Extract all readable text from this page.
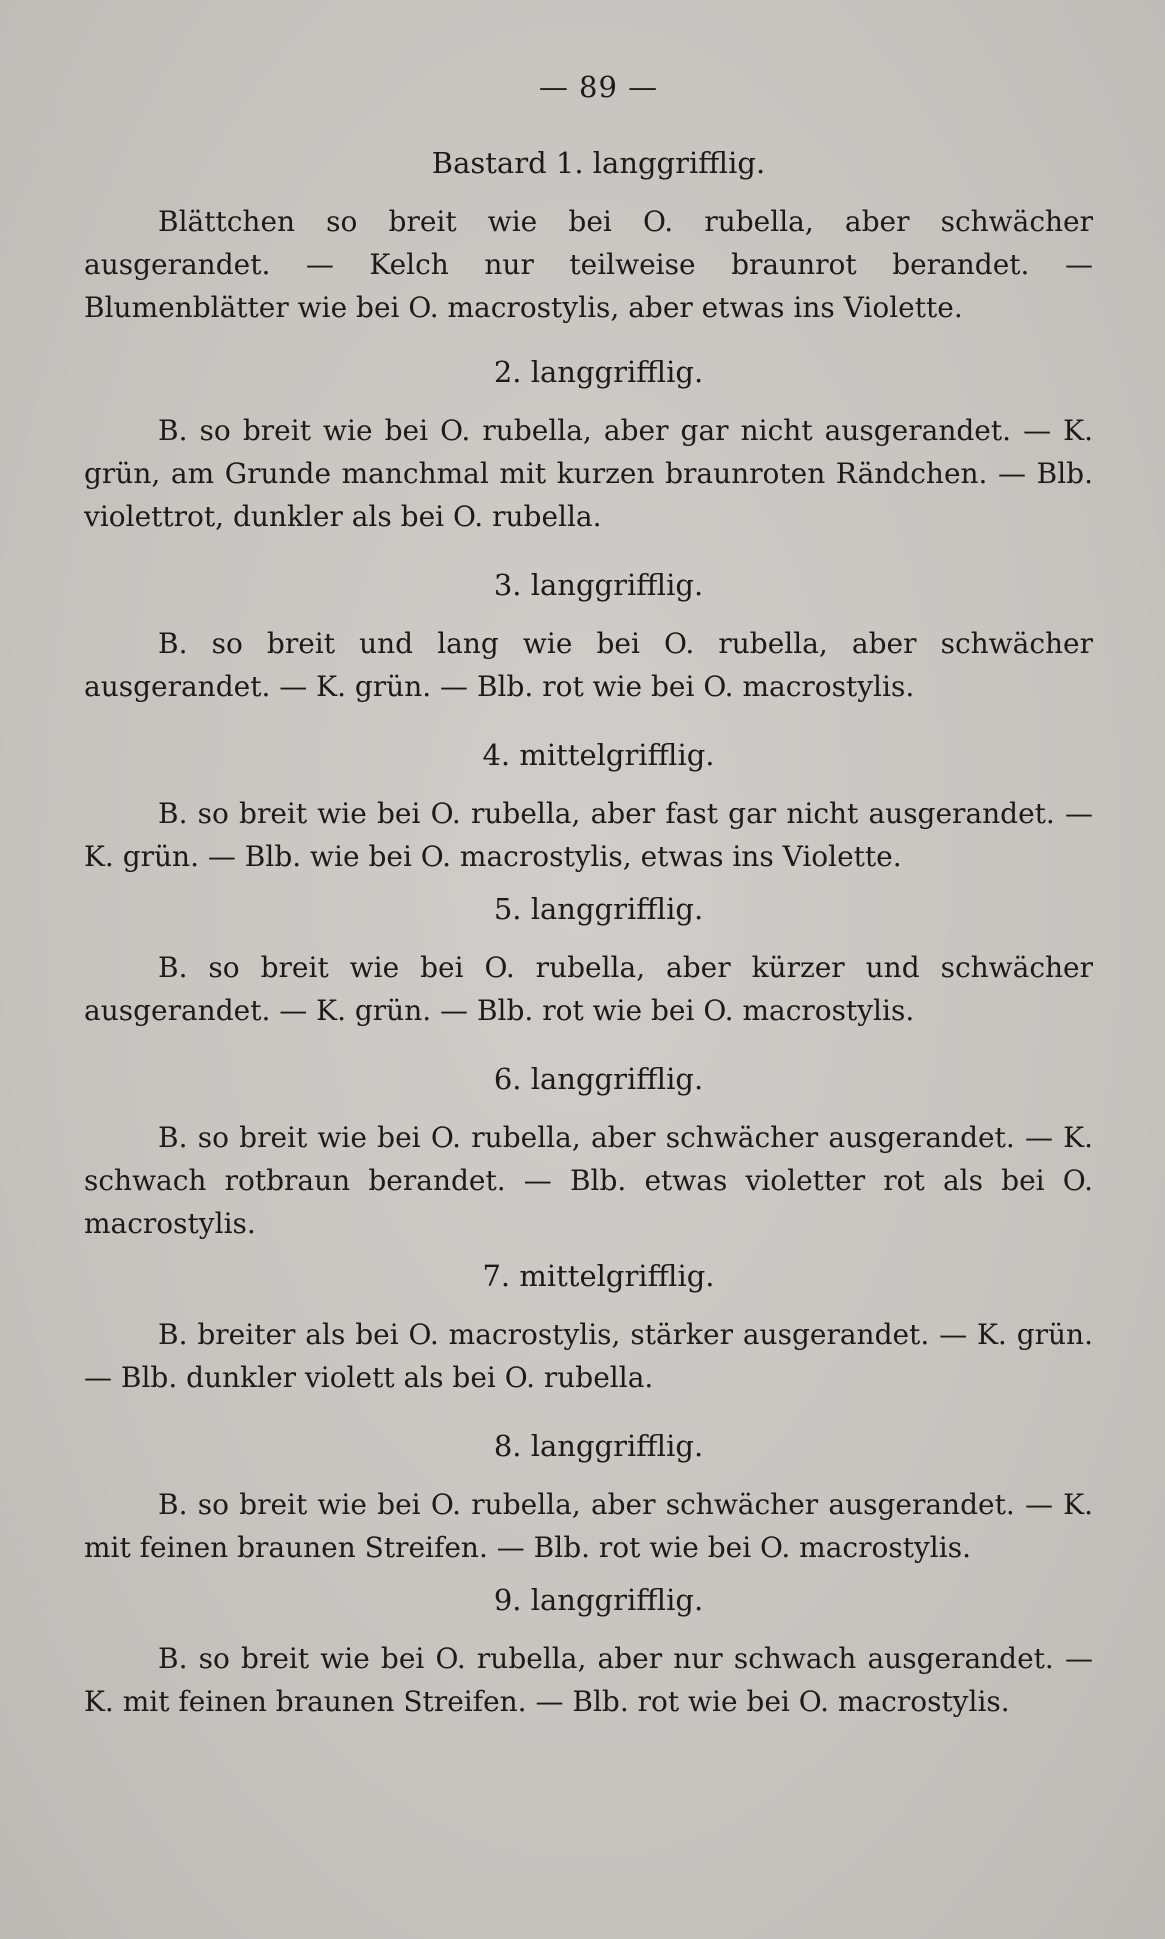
— 89 —
Bastard 1. langgrifflig.

Blättchen so breit wie bei O. rubella, aber schwächer ausgerandet. — Kelch nur teilweise braunrot berandet. — Blumenblätter wie bei O. macrostylis, aber etwas ins Violette.

2. langgrifflig.

B. so breit wie bei O. rubella, aber gar nicht ausgerandet. — K. grün, am Grunde manchmal mit kurzen braunroten Rändchen. — Blb. violettrot, dunkler als bei O. rubella.

3. langgrifflig.

B. so breit und lang wie bei O. rubella, aber schwächer ausgerandet. — K. grün. — Blb. rot wie bei O. macrostylis.

4. mittelgrifflig.

B. so breit wie bei O. rubella, aber fast gar nicht ausgerandet. — K. grün. — Blb. wie bei O. macrostylis, etwas ins Violette.

5. langgrifflig.

B. so breit wie bei O. rubella, aber kürzer und schwächer ausgerandet. — K. grün. — Blb. rot wie bei O. macrostylis.

6. langgrifflig.

B. so breit wie bei O. rubella, aber schwächer ausgerandet. — K. schwach rotbraun berandet. — Blb. etwas violetter rot als bei O. macrostylis.

7. mittelgrifflig.

B. breiter als bei O. macrostylis, stärker ausgerandet. — K. grün. — Blb. dunkler violett als bei O. rubella.

8. langgrifflig.

B. so breit wie bei O. rubella, aber schwächer ausgerandet. — K. mit feinen braunen Streifen. — Blb. rot wie bei O. macrostylis.

9. langgrifflig.

B. so breit wie bei O. rubella, aber nur schwach ausgerandet. — K. mit feinen braunen Streifen. — Blb. rot wie bei O. macrostylis.
